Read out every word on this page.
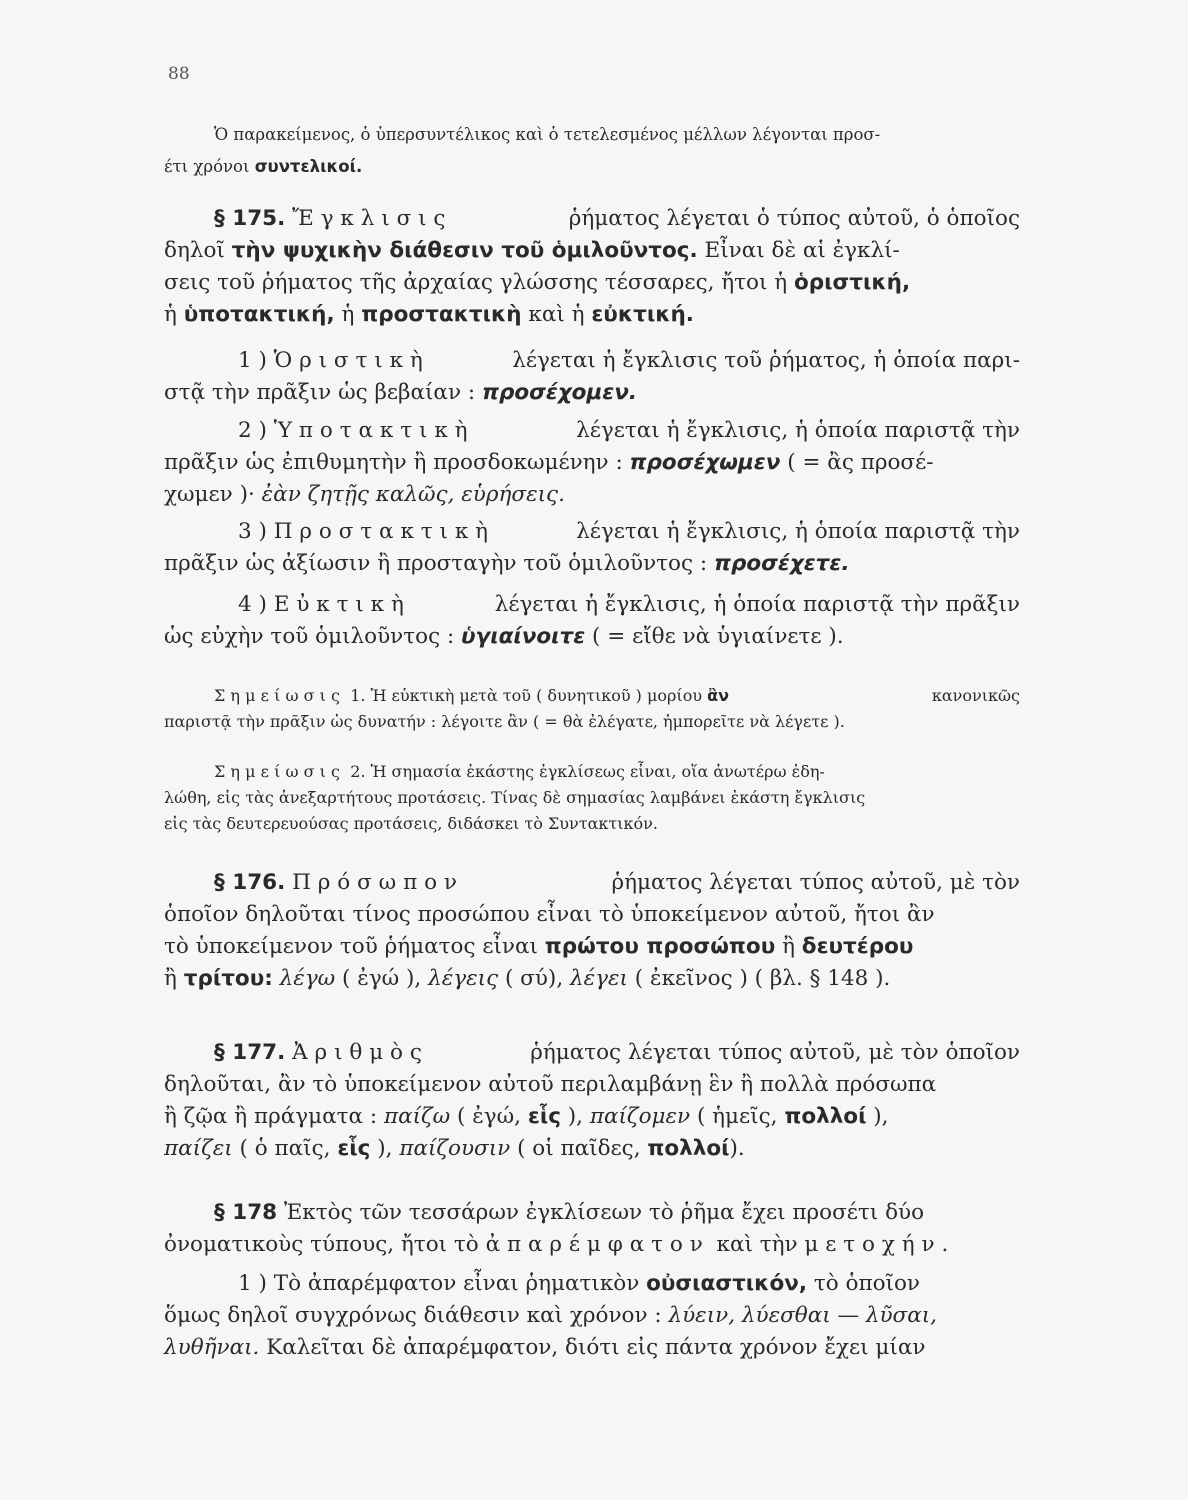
88

Ὁ παρακείμενος, ὁ ὑπερσυντέλικος καὶ ὁ τετελεσμένος μέλλων λέγονται προσ-

έτι χρόνοι συντελικοί.

§ 175. Ἔγκλισις	ῥήματος λέγεται ὁ τύπος αὐτοῦ, ὁ ὁποῖος

δηλοῖ τὴν ψυχικὴν διάθεσιν τοῦ ὁμιλοῦντος. Εἶναι δὲ αἱ ἐγκλί-

σεις τοῦ ῥήματος τῆς ἀρχαίας γλώσσης τέσσαρες, ἤτοι ἡ ὁριστική,

ἡ ὑποτακτική, ἡ προστακτικὴ καὶ ἡ εὐκτική.

1 ) Ὁριστικὴ	λέγεται ἡ ἔγκλισις τοῦ ῥήματος, ἡ ὁποία παρι-

στᾷ τὴν πρᾶξιν ὡς βεβαίαν : προσέχομεν.

2 ) Ὑποτακτικὴ	λέγεται ἡ ἔγκλισις, ἡ ὁποία παριστᾷ τὴν

πρᾶξιν ὡς ἐπιθυμητὴν ἢ προσδοκωμένην : προσέχωμεν ( = ἂς προσέ-

χωμεν )· ἐὰν ζητῇς καλῶς, εὑρήσεις.

3 ) Προστακτικὴ	λέγεται ἡ ἔγκλισις, ἡ ὁποία παριστᾷ τὴν

πρᾶξιν ὡς ἀξίωσιν ἢ προσταγὴν τοῦ ὁμιλοῦντος : προσέχετε.

4 ) Εὐκτικὴ	λέγεται ἡ ἔγκλισις, ἡ ὁποία παριστᾷ τὴν πρᾶξιν

ὡς εὐχὴν τοῦ ὁμιλοῦντος : ὑγιαίνοιτε ( = εἴθε νὰ ὑγιαίνετε ).

Σημείωσις 1. Ἡ εὐκτικὴ μετὰ τοῦ ( δυνητικοῦ ) μορίου ἂν	κανονικῶς

παριστᾷ τὴν πρᾶξιν ὡς δυνατήν : λέγοιτε ἂν ( = θὰ ἐλέγατε, ἠμπορεῖτε νὰ λέγετε ).

Σημείωσις 2. Ἡ σημασία ἑκάστης ἐγκλίσεως εἶναι, οἵα ἀνωτέρω ἐδη-

λώθη, εἰς τὰς ἀνεξαρτήτους προτάσεις. Τίνας δὲ σημασίας λαμβάνει ἑκάστη ἔγκλισις

εἰς τὰς δευτερευούσας προτάσεις, διδάσκει τὸ Συντακτικόν.

§ 176. Πρόσωπον	ῥήματος λέγεται τύπος αὐτοῦ, μὲ τὸν

ὁποῖον δηλοῦται τίνος προσώπου εἶναι τὸ ὑποκείμενον αὐτοῦ, ἤτοι ἂν

τὸ ὑποκείμενον τοῦ ῥήματος εἶναι πρώτου προσώπου ἢ δευτέρου

ἢ τρίτου: λέγω ( ἐγώ ), λέγεις ( σύ), λέγει ( ἐκεῖνος ) ( βλ. § 148 ).

§ 177. Ἀριθμὸς	ῥήματος λέγεται τύπος αὐτοῦ, μὲ τὸν ὁποῖον

δηλοῦται, ἂν τὸ ὑποκείμενον αὐτοῦ περιλαμβάνῃ ἓν ἢ πολλὰ πρόσωπα

ἢ ζῷα ἢ πράγματα : παίζω ( ἐγώ, εἷς ), παίζομεν ( ἡμεῖς, πολλοί ),

παίζει ( ὁ παῖς, εἷς ), παίζουσιν ( οἱ παῖδες, πολλοί).

§ 178 Ἐκτὸς τῶν τεσσάρων ἐγκλίσεων τὸ ῥῆμα ἔχει προσέτι δύο

ὀνοματικοὺς τύπους, ἤτοι τὸ ἀπαρέμφατον καὶ τὴν μετοχήν.

1 ) Τὸ ἀπαρέμφατον εἶναι ῥηματικὸν οὐσιαστικόν, τὸ ὁποῖον

ὅμως δηλοῖ συγχρόνως διάθεσιν καὶ χρόνον : λύειν, λύεσθαι — λῦσαι,

λυθῆναι. Καλεῖται δὲ ἀπαρέμφατον, διότι εἰς πάντα χρόνον ἔχει μίαν
